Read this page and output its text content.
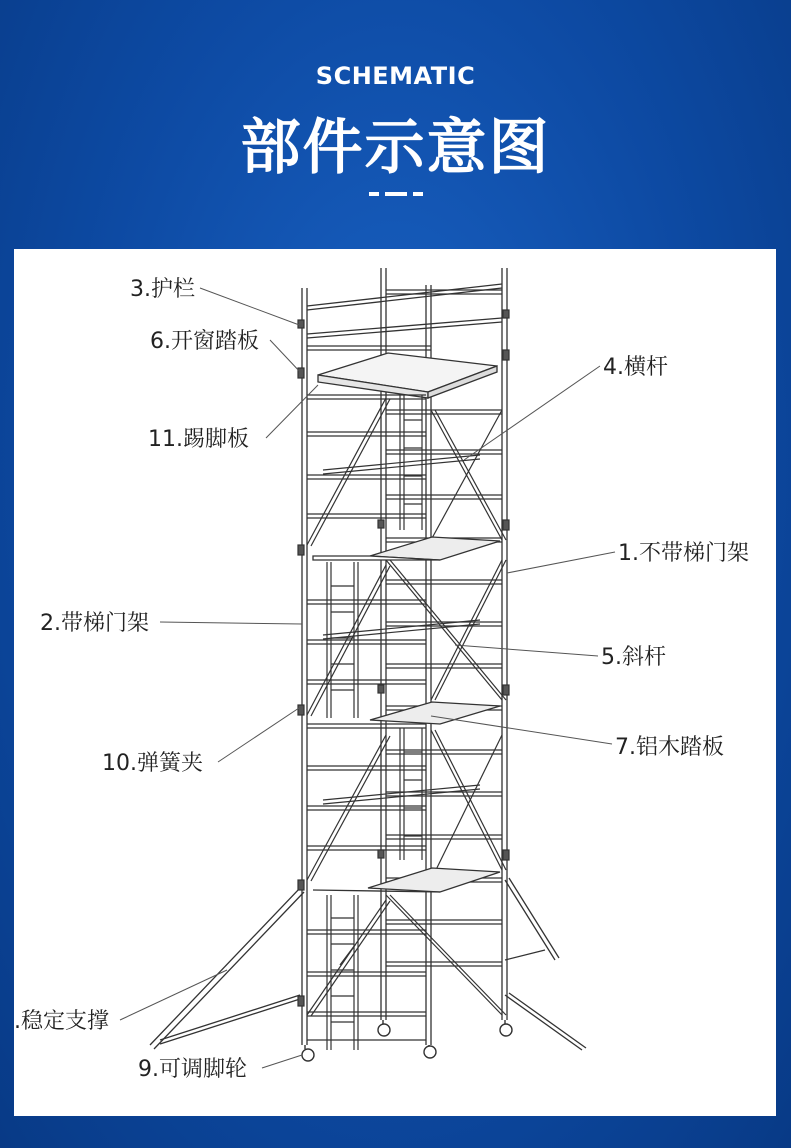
SCHEMATIC
部件示意图
3.护栏
6.开窗踏板
4.横杆
11.踢脚板
1.不带梯门架
2.带梯门架
5.斜杆
7.铝木踏板
10.弹簧夹
.稳定支撑
9.可调脚轮
